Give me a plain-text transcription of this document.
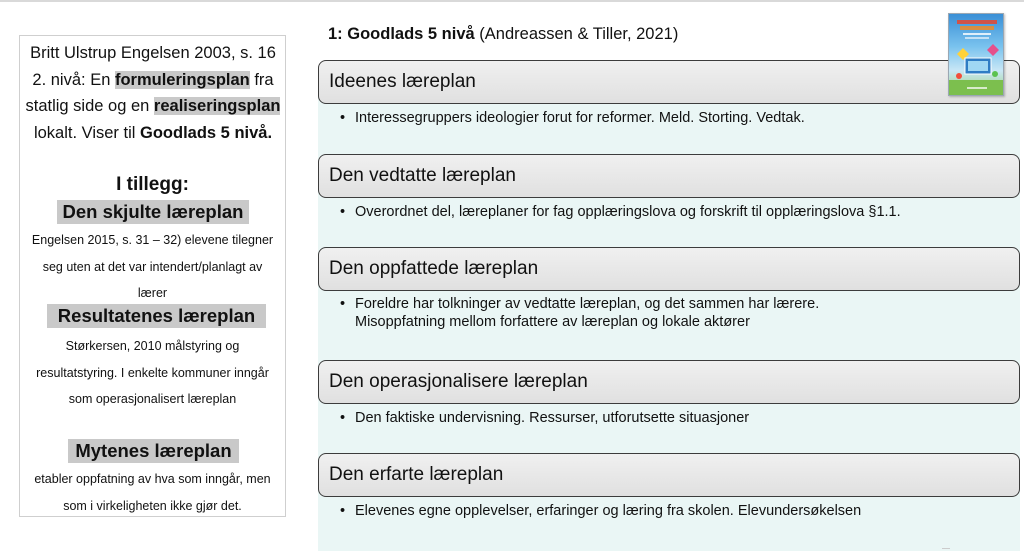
Britt Ulstrup Engelsen 2003, s. 16
2. nivå: En formuleringsplan fra
statlig side og en realiseringsplan
lokalt. Viser til Goodlads 5 nivå.
I tillegg:
Den skjulte læreplan
Engelsen 2015, s. 31 – 32) elevene tilegner
seg uten at det var intendert/planlagt av
lærer
Resultatenes læreplan
Størkersen, 2010 målstyring og
resultatstyring. I enkelte kommuner inngår
som operasjonalisert læreplan
Mytenes læreplan
etabler oppfatning av hva som inngår, men
som i virkeligheten ikke gjør det.
1: Goodlads 5 nivå (Andreassen & Tiller, 2021)
Ideenes læreplan
• Interessegruppers ideologier forut for reformer. Meld. Storting. Vedtak.
Den vedtatte læreplan
• Overordnet del, læreplaner for fag opplæringslova og forskrift til opplæringslova §1.1.
Den oppfattede læreplan
• Foreldre har tolkninger av vedtatte læreplan, og det sammen har lærere.
Misoppfatning mellom forfattere av læreplan og lokale aktører
Den operasjonalisere læreplan
• Den faktiske undervisning. Ressurser, utforutsette situasjoner
Den erfarte læreplan
• Elevenes egne opplevelser, erfaringer og læring fra skolen. Elevundersøkelsen
